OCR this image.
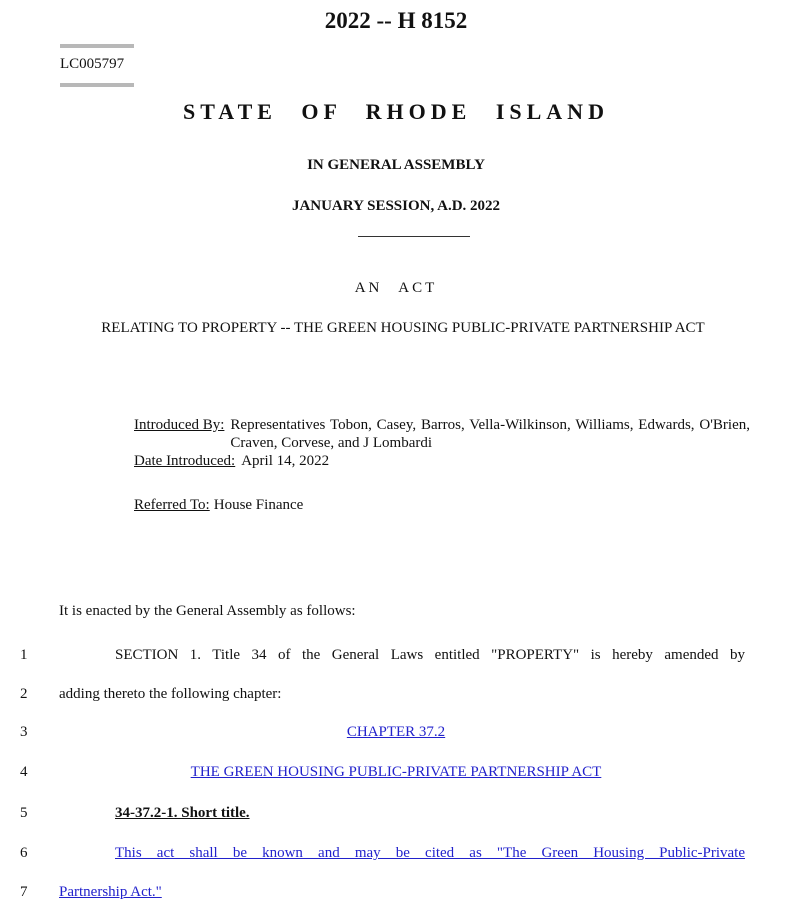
2022 -- H 8152
LC005797
STATE OF RHODE ISLAND
IN GENERAL ASSEMBLY
JANUARY SESSION, A.D. 2022
AN ACT
RELATING TO PROPERTY -- THE GREEN HOUSING PUBLIC-PRIVATE PARTNERSHIP ACT
Introduced By: Representatives Tobon, Casey, Barros, Vella-Wilkinson, Williams, Edwards, O'Brien, Craven, Corvese, and J Lombardi
Date Introduced: April 14, 2022
Referred To: House Finance
It is enacted by the General Assembly as follows:
1	SECTION 1. Title 34 of the General Laws entitled "PROPERTY" is hereby amended by
2	adding thereto the following chapter:
3	CHAPTER 37.2
4	THE GREEN HOUSING PUBLIC-PRIVATE PARTNERSHIP ACT
5	34-37.2-1. Short title.
6	This act shall be known and may be cited as "The Green Housing Public-Private
7	Partnership Act."
